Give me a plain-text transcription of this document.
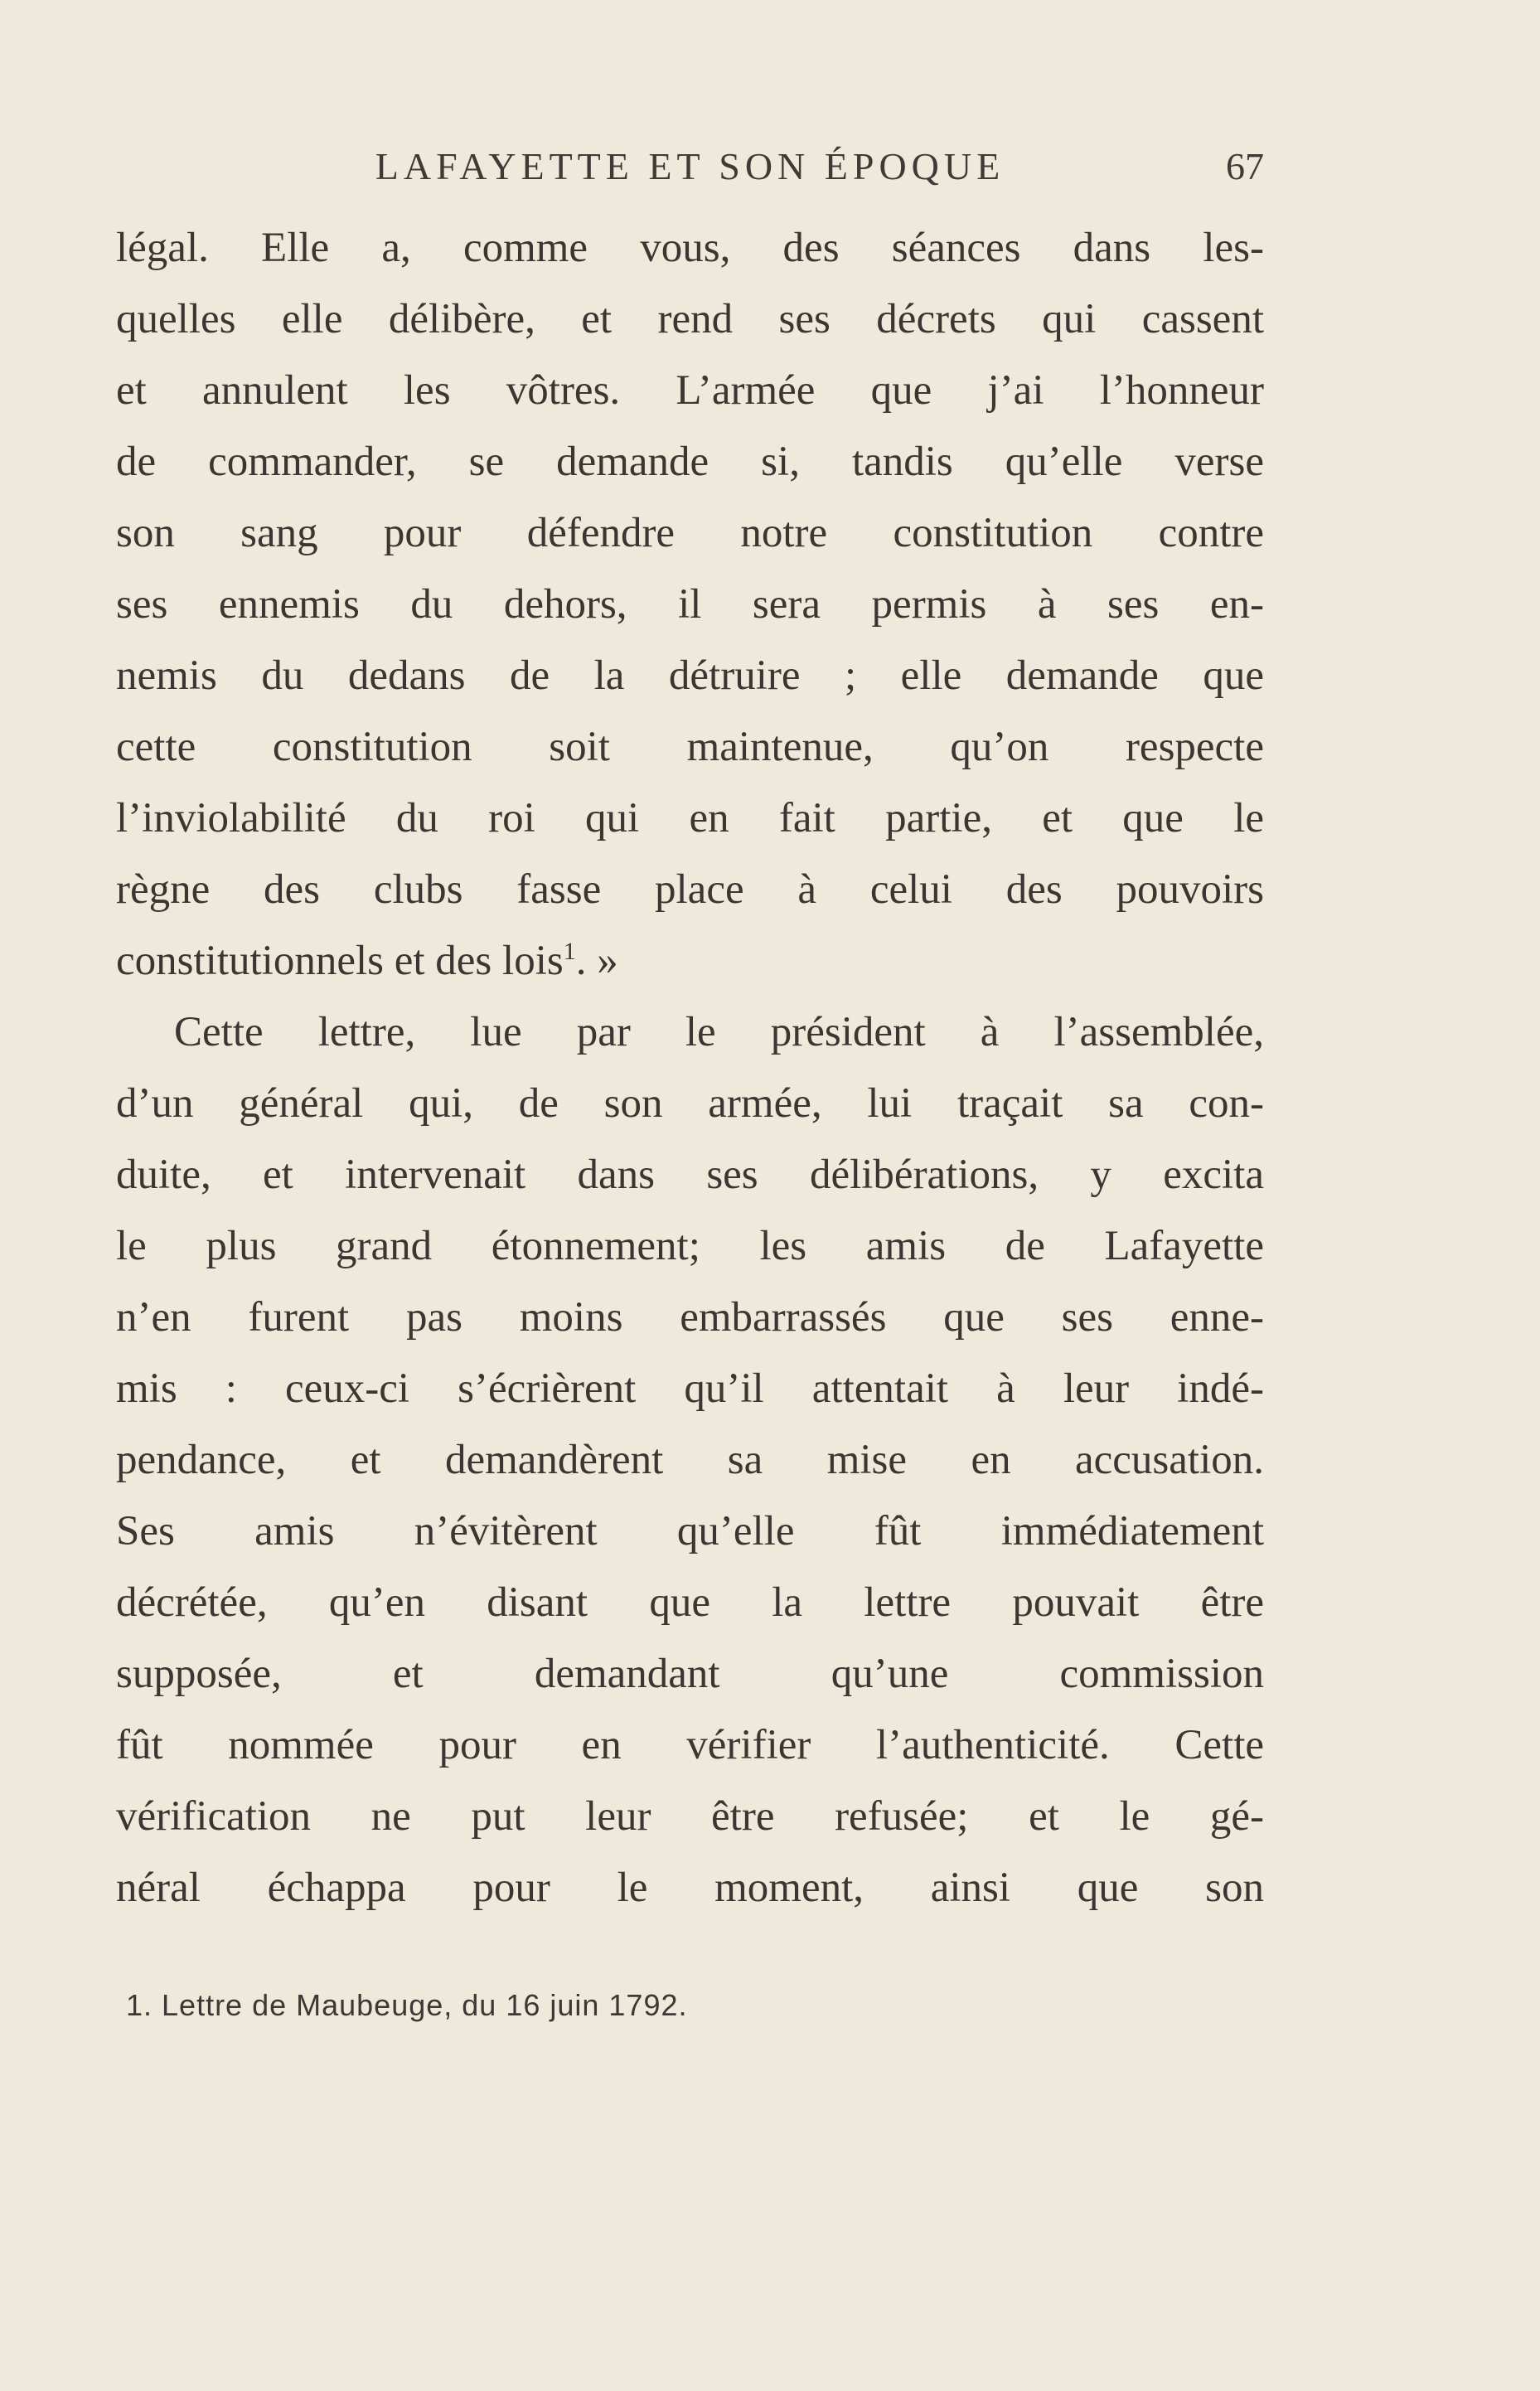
LAFAYETTE ET SON ÉPOQUE	67
légal. Elle a, comme vous, des séances dans les-
quelles elle délibère, et rend ses décrets qui cassent
et annulent les vôtres. L’armée que j’ai l’honneur
de commander, se demande si, tandis qu’elle verse
son sang pour défendre notre constitution contre
ses ennemis du dehors, il sera permis à ses en-
nemis du dedans de la détruire ; elle demande que
cette constitution soit maintenue, qu’on respecte
l’inviolabilité du roi qui en fait partie, et que le
règne des clubs fasse place à celui des pouvoirs
constitutionnels et des lois$^1$. »
Cette lettre, lue par le président à l’assemblée,
d’un général qui, de son armée, lui traçait sa con-
duite, et intervenait dans ses délibérations, y excita
le plus grand étonnement; les amis de Lafayette
n’en furent pas moins embarrassés que ses enne-
mis : ceux-ci s’écrièrent qu’il attentait à leur indé-
pendance, et demandèrent sa mise en accusation.
Ses amis n’évitèrent qu’elle fût immédiatement
décrétée, qu’en disant que la lettre pouvait être
supposée, et demandant qu’une commission
fût nommée pour en vérifier l’authenticité. Cette
vérification ne put leur être refusée; et le gé-
néral échappa pour le moment, ainsi que son
1. Lettre de Maubeuge, du 16 juin 1792.
